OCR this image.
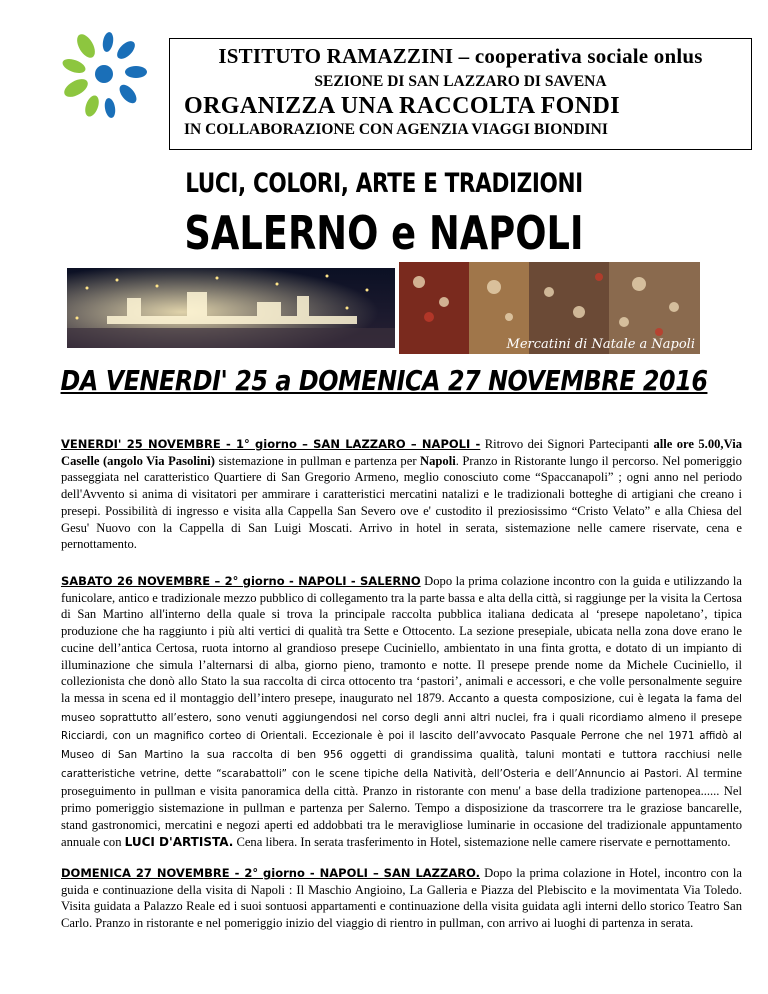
ISTITUTO RAMAZZINI – cooperativa sociale onlus
SEZIONE DI SAN LAZZARO DI SAVENA
ORGANIZZA UNA RACCOLTA FONDI
IN COLLABORAZIONE CON AGENZIA VIAGGI BIONDINI
LUCI, COLORI, ARTE E TRADIZIONI
SALERNO e NAPOLI
Mercatini di Natale a Napoli
DA VENERDI' 25 a DOMENICA 27 NOVEMBRE 2016
VENERDI' 25 NOVEMBRE - 1° giorno – SAN LAZZARO – NAPOLI - Ritrovo dei Signori Partecipanti alle ore 5.00,Via Caselle (angolo Via Pasolini) sistemazione in pullman e partenza per Napoli. Pranzo in Ristorante lungo il percorso. Nel pomeriggio passeggiata nel caratteristico Quartiere di San Gregorio Armeno, meglio conosciuto come “Spaccanapoli” ; ogni anno nel periodo dell'Avvento si anima di visitatori per ammirare i caratteristici mercatini natalizi e le tradizionali botteghe di artigiani che creano i presepi. Possibilità di ingresso e visita alla Cappella San Severo ove e' custodito il preziosissimo “Cristo Velato” e alla Chiesa del Gesu' Nuovo con la Cappella di San Luigi Moscati. Arrivo in hotel in serata, sistemazione nelle camere riservate, cena e pernottamento.
SABATO 26 NOVEMBRE – 2° giorno - NAPOLI - SALERNO Dopo la prima colazione incontro con la guida e utilizzando la funicolare, antico e tradizionale mezzo pubblico di collegamento tra la parte bassa e alta della città, si raggiunge per la visita la Certosa di San Martino all'interno della quale si trova la principale raccolta pubblica italiana dedicata al ‘presepe napoletano’, tipica produzione che ha raggiunto i più alti vertici di qualità tra Sette e Ottocento. La sezione presepiale, ubicata nella zona dove erano le cucine dell’antica Certosa, ruota intorno al grandioso presepe Cuciniello, ambientato in una finta grotta, e dotato di un impianto di illuminazione che simula l’alternarsi di alba, giorno pieno, tramonto e notte. Il presepe prende nome da Michele Cuciniello, il collezionista che donò allo Stato la sua raccolta di circa ottocento tra ‘pastori’, animali e accessori, e che volle personalmente seguire la messa in scena ed il montaggio dell’intero presepe, inaugurato nel 1879. Accanto a questa composizione, cui è legata la fama del museo soprattutto all’estero, sono venuti aggiungendosi nel corso degli anni altri nuclei, fra i quali ricordiamo almeno il presepe Ricciardi, con un magnifico corteo di Orientali. Eccezionale è poi il lascito dell’avvocato Pasquale Perrone che nel 1971 affidò al Museo di San Martino la sua raccolta di ben 956 oggetti di grandissima qualità, taluni montati e tuttora racchiusi nelle caratteristiche vetrine, dette “scarabattoli” con le scene tipiche della Natività, dell’Osteria e dell’Annuncio ai Pastori. Al termine proseguimento in pullman e visita panoramica della città. Pranzo in ristorante con menu' a base della tradizione partenopea...... Nel primo pomeriggio sistemazione in pullman e partenza per Salerno. Tempo a disposizione da trascorrere tra le graziose bancarelle, stand gastronomici, mercatini e negozi aperti ed addobbati tra le meravigliose luminarie in occasione del tradizionale appuntamento annuale con LUCI D'ARTISTA. Cena libera. In serata trasferimento in Hotel, sistemazione nelle camere riservate e pernottamento.
DOMENICA 27 NOVEMBRE - 2° giorno - NAPOLI – SAN LAZZARO. Dopo la prima colazione in Hotel, incontro con la guida e continuazione della visita di Napoli : Il Maschio Angioino, La Galleria e Piazza del Plebiscito e la movimentata Via Toledo. Visita guidata a Palazzo Reale ed i suoi sontuosi appartamenti e continuazione della visita guidata agli interni dello storico Teatro San Carlo. Pranzo in ristorante e nel pomeriggio inizio del viaggio di rientro in pullman, con arrivo ai luoghi di partenza in serata.
